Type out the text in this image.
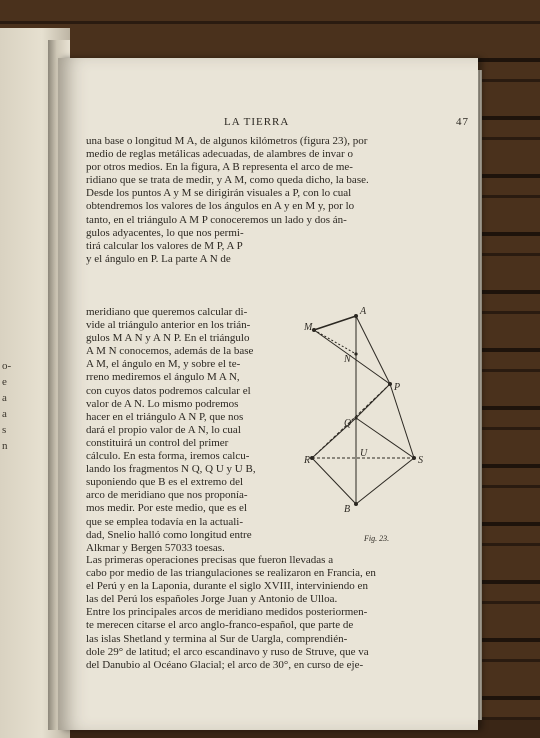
o-
e
a
a
s
n
LA TIERRA	47
una base o longitud M A, de algunos kilómetros (figura 23), por
medio de reglas metálicas adecuadas, de alambres de invar o
por otros medios. En la figura, A B representa el arco de me-
ridiano que se trata de medir, y A M, como queda dicho, la base.
Desde los puntos A y M se dirigirán visuales a P, con lo cual
obtendremos los valores de los ángulos en A y en M y, por lo
tanto, en el triángulo A M P conoceremos un lado y dos án-
gulos adyacentes, lo que nos permi-
tirá calcular los valores de M P, A P
y el ángulo en P. La parte A N de
meridiano que queremos calcular di-
vide al triángulo anterior en los trián-
gulos M A N y A N P. En el triángulo
A M N conocemos, además de la base
A M, el ángulo en M, y sobre el te-
rreno mediremos el ángulo M A N,
con cuyos datos podremos calcular el
valor de A N. Lo mismo podremos
hacer en el triángulo A N P, que nos
dará el propio valor de A N, lo cual
constituirá un control del primer
cálculo. En esta forma, iremos calcu-
lando los fragmentos N Q, Q U y U B,
suponiendo que B es el extremo del
arco de meridiano que nos proponía-
mos medir. Por este medio, que es el
que se emplea todavía en la actuali-
dad, Snelio halló como longitud entre
Alkmar y Bergen 57033 toesas.
A
M
N
P
Q
U
R	S
B
Fig. 23.
Las primeras operaciones precisas que fueron llevadas a
cabo por medio de las triangulaciones se realizaron en Francia, en
el Perú y en la Laponia, durante el siglo XVIII, interviniendo en
las del Perú los españoles Jorge Juan y Antonio de Ulloa.
Entre los principales arcos de meridiano medidos posteriormen-
te merecen citarse el arco anglo-franco-español, que parte de
las islas Shetland y termina al Sur de Uargla, comprendién-
dole 29° de latitud; el arco escandinavo y ruso de Struve, que va
del Danubio al Océano Glacial; el arco de 30°, en curso de eje-
